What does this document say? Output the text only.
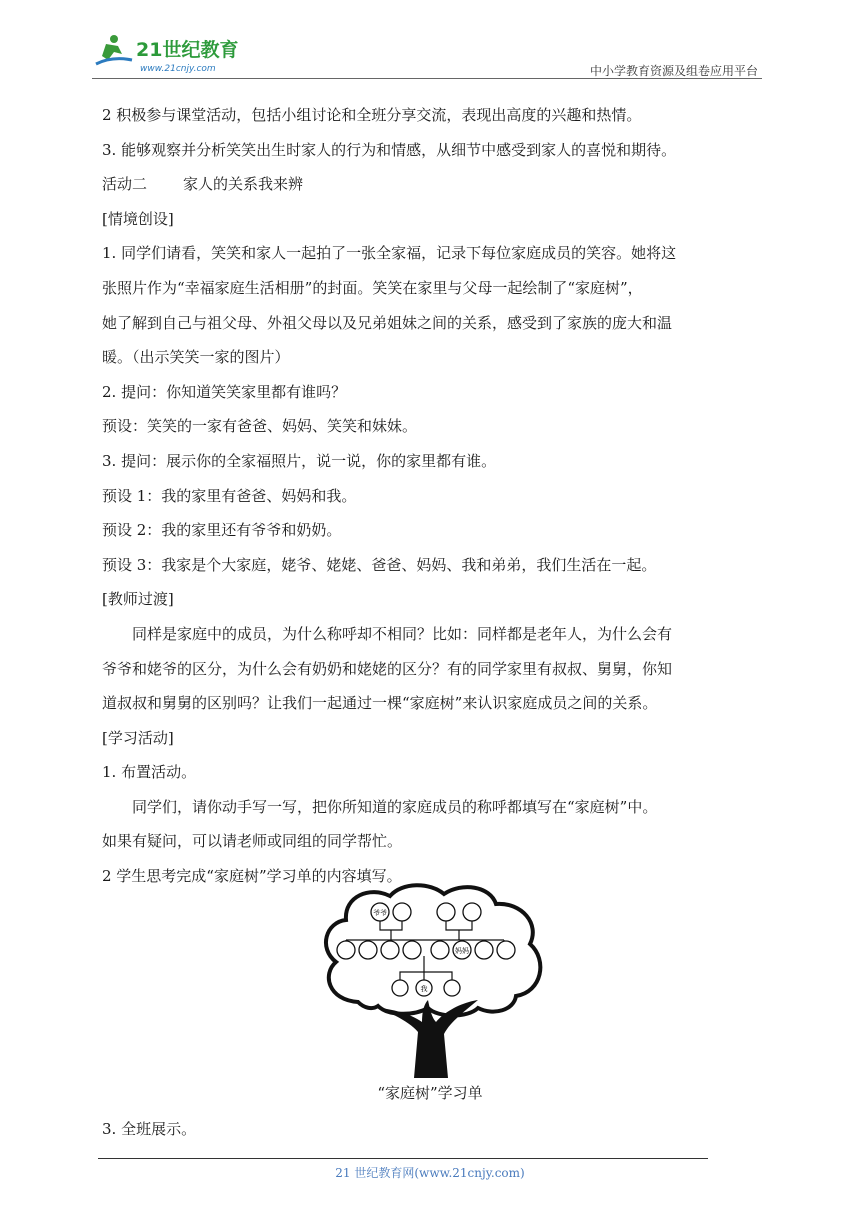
21世纪教育
www.21cnjy.com	中小学教育资源及组卷应用平台
2 积极参与课堂活动，包括小组讨论和全班分享交流，表现出高度的兴趣和热情。
3. 能够观察并分析笑笑出生时家人的行为和情感，从细节中感受到家人的喜悦和期待。
活动二 家人的关系我来辨
[情境创设]
1. 同学们请看，笑笑和家人一起拍了一张全家福，记录下每位家庭成员的笑容。她将这
张照片作为“幸福家庭生活相册”的封面。笑笑在家里与父母一起绘制了“家庭树”，
她了解到自己与祖父母、外祖父母以及兄弟姐妹之间的关系，感受到了家族的庞大和温
暖。（出示笑笑一家的图片）
2. 提问：你知道笑笑家里都有谁吗？
预设：笑笑的一家有爸爸、妈妈、笑笑和妹妹。
3. 提问：展示你的全家福照片，说一说，你的家里都有谁。
预设 1：我的家里有爸爸、妈妈和我。
预设 2：我的家里还有爷爷和奶奶。
预设 3：我家是个大家庭，姥爷、姥姥、爸爸、妈妈、我和弟弟，我们生活在一起。
[教师过渡]
同样是家庭中的成员，为什么称呼却不相同？比如：同样都是老年人，为什么会有
爷爷和姥爷的区分，为什么会有奶奶和姥姥的区分？有的同学家里有叔叔、舅舅，你知
道叔叔和舅舅的区别吗？让我们一起通过一棵“家庭树”来认识家庭成员之间的关系。
[学习活动]
1. 布置活动。
同学们，请你动手写一写，把你所知道的家庭成员的称呼都填写在“家庭树”中。
如果有疑问，可以请老师或同组的同学帮忙。
2 学生思考完成“家庭树”学习单的内容填写。
爷爷
妈妈
我
“家庭树”学习单
3. 全班展示。
21 世纪教育网(www.21cnjy.com)
